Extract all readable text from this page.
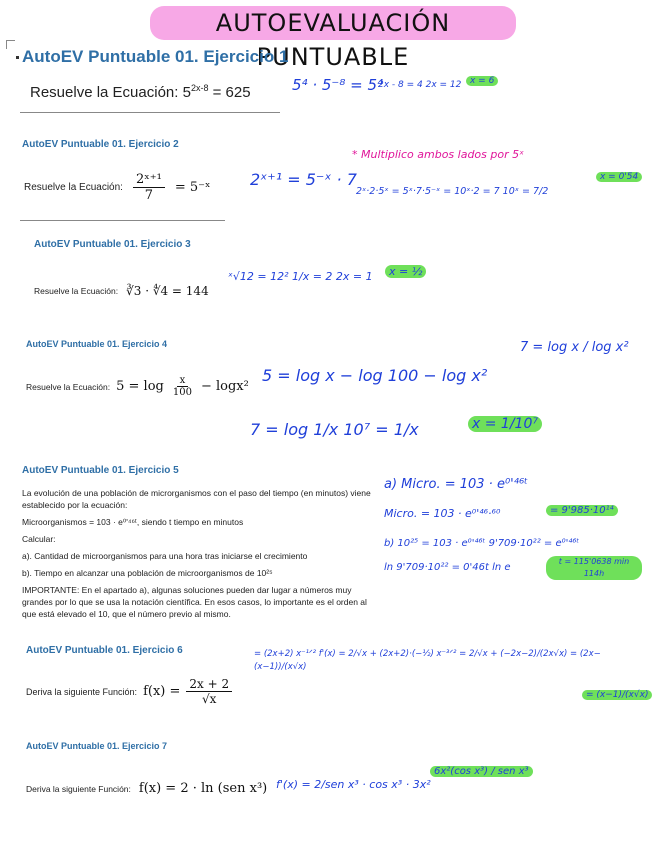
AUTOEVALUACIÓN PUNTUABLE
AutoEV Puntuable 01. Ejercicio 1
Resuelve la Ecuación: $5^{2x-8} = 625$	5⁴ · 5⁻⁸ = 5⁴
2x - 8 = 4 2x = 12 x = 6
AutoEV Puntuable 01. Ejercicio 2
Resuelve la Ecuación: $\frac{\text{2ˣ⁺¹}}{7}$ = 5⁻ˣ 2ˣ⁺¹ = 5⁻ˣ · 7
* Multiplico ambos lados por 5ˣ
2ˣ·2·5ˣ = 5ˣ·7·5⁻ˣ = 10ˣ·2 = 7 10ˣ = 7/2
x = 0'54
AutoEV Puntuable 01. Ejercicio 3
Resuelve la Ecuación: ∛3 · ∜4 = 144
ˣ√12 = 12² 1/x = 2 2x = 1	x = ½
AutoEV Puntuable 01. Ejercicio 4
Resuelve la Ecuación: $5 = \log \frac{x}{100} - \log x^2$
5 = log x − log 100 − log x²
7 = log x / log x²
7 = log 1/x 10⁷ = 1/x	x = 1/10⁷
AutoEV Puntuable 01. Ejercicio 5
La evolución de una población de microrganismos con el paso del tiempo (en minutos) viene establecido por la ecuación:
Microorganismos = 103 · e⁰'⁴⁶ᵗ, siendo t tiempo en minutos
Calcular:
a). Cantidad de microorganismos para una hora tras iniciarse el crecimiento
b). Tiempo en alcanzar una población de microorganismos de 10²⁵
IMPORTANTE: En el apartado a), algunas soluciones pueden dar lugar a números muy grandes por lo que se usa la notación científica. En esos casos, lo importante es el orden al que está elevado el 10, que el número previo al mismo.
a) Micro. = 103 · e⁰'⁴⁶ᵗ
Micro. = 103 · e⁰'⁴⁶·⁶⁰	= 9'985·10¹⁴
b) 10²⁵ = 103 · e⁰'⁴⁶ᵗ 9'709·10²² = e⁰'⁴⁶ᵗ
ln 9'709·10²² = 0'46t ln e
t = 115'0638 min 114h
AutoEV Puntuable 01. Ejercicio 6
Deriva la siguiente Función: $f(x) = \frac{2x + 2}{√x}$
= (2x+2) x⁻¹ᐟ² f'(x) = 2/√x + (2x+2)·(−½) x⁻³ᐟ² = 2/√x + (−2x−2)/(2x√x) = (2x−(x−1))/(x√x)
= (x−1)/(x√x)
AutoEV Puntuable 01. Ejercicio 7
Deriva la siguiente Función: f(x) = 2 · ln (sen x³) f'(x) = 2/sen x³ · cos x³ · 3x²
6x²(cos x³) / sen x³
